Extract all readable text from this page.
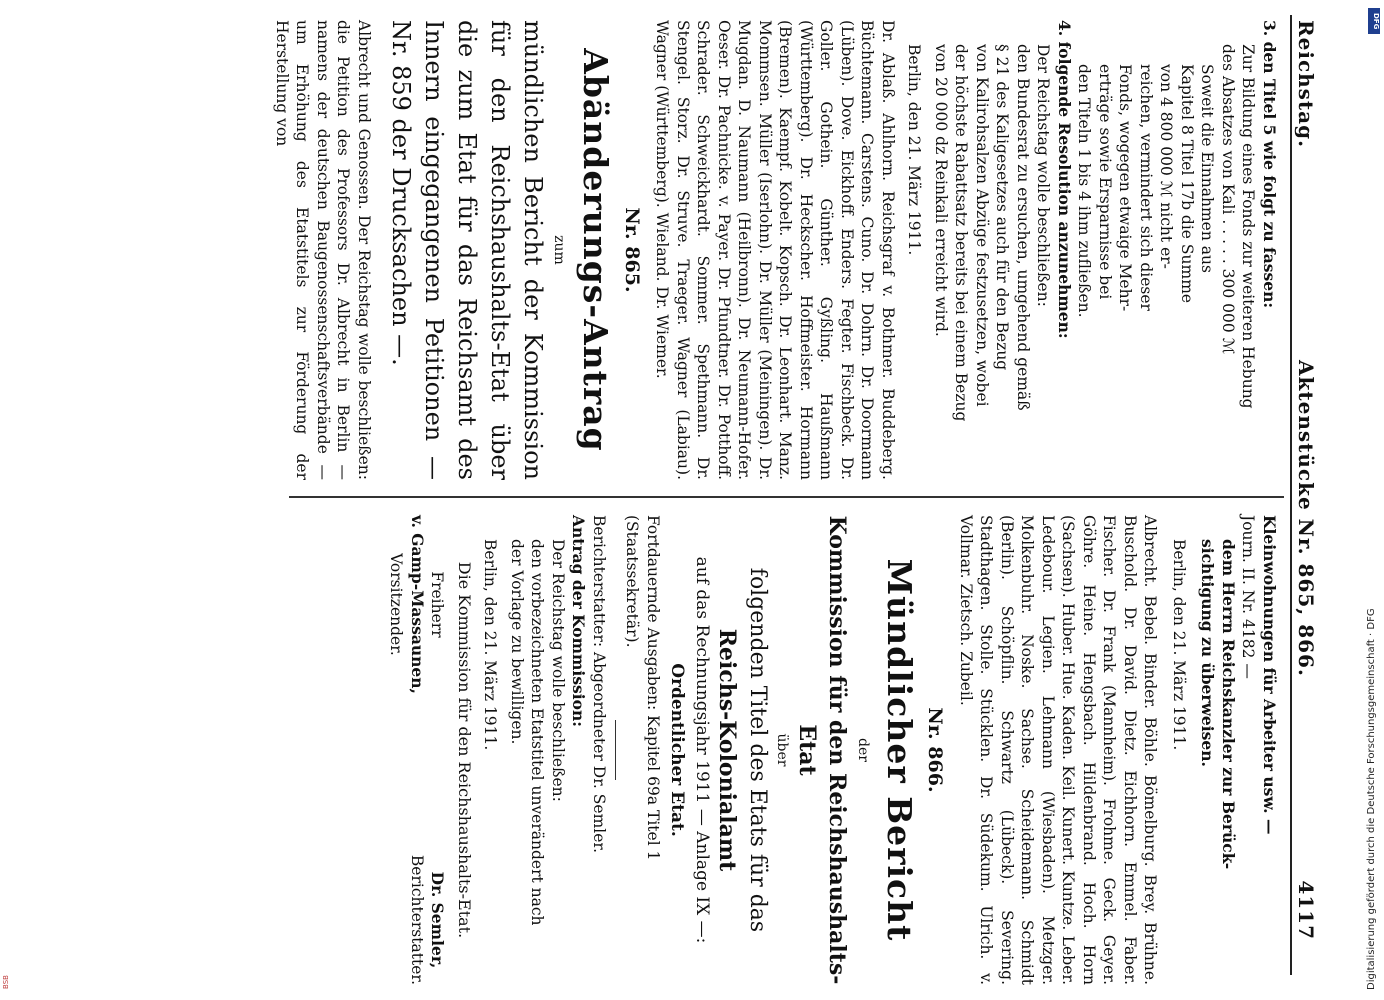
Reichstag.
Aktenstücke Nr. 865, 866.
4117

3. den Titel 5 wie folgt zu fassen:

Zur Bildung eines Fonds zur weiteren Hebung

des Absatzes von Kali . . . . . 300 000 ℳ

Soweit die Einnahmen aus

Kapitel 8 Titel 17b die Summe

von 4 800 000 ℳ nicht er-

reichen, vermindert sich dieser

Fonds, wogegen etwaige Mehr-

erträge sowie Ersparnisse bei

den Titeln 1 bis 4 ihm zufließen.

4. folgende Resolution anzunehmen:

Der Reichstag wolle beschließen:

den Bundesrat zu ersuchen, umgehend gemäß

§ 21 des Kaligesetzes auch für den Bezug

von Kalirohsalzen Abzüge festzusetzen, wobei

der höchste Rabattsatz bereits bei einem Bezug

von 20 000 dz Reinkali erreicht wird.

Berlin, den 21. März 1911.

Dr. Ablaß. Ahlhorn. Reichsgraf v. Bothmer. Buddeberg. Büchtemann. Carstens. Cuno. Dr. Dohrn. Dr. Doormann (Lüben). Dove. Eickhoff. Enders. Fegter. Fischbeck. Dr. Goller. Gothein. Günther. Gyßling. Haußmann (Württemberg). Dr. Heckscher. Hoffmeister. Hormann (Bremen). Kaempf. Kobelt. Kopsch. Dr. Leonhart. Manz. Mommsen. Müller (Iserlohn). Dr. Müller (Meiningen). Dr. Mugdan. D. Naumann (Heilbronn). Dr. Neumann-Hofer. Oeser. Dr. Pachnicke. v. Payer. Dr. Pfundtner. Dr. Potthoff. Schrader. Schweickhardt. Sommer. Spethmann. Dr. Stengel. Storz. Dr. Struve. Traeger. Wagner (Labiau). Wagner (Württemberg). Wieland. Dr. Wiemer.

Nr. 865.

Abänderungs-Antrag

zum

mündlichen Bericht der Kommission für den Reichshaushalts-Etat über die zum Etat für das Reichsamt des Innern eingegangenen Petitionen — Nr. 859 der Drucksachen —.

Albrecht und Genossen. Der Reichstag wolle beschließen: die Petition des Professors Dr. Albrecht in Berlin — namens der deutschen Baugenossenschaftsverbände — um Erhöhung des Etatstitels zur Förderung der Herstellung von

Kleinwohnungen für Arbeiter usw. —

Journ. II. Nr. 4182 —

dem Herrn Reichskanzler zur Berück-

sichtigung zu überweisen.

Berlin, den 21. März 1911.

Albrecht. Bebel. Binder. Böhle. Bömelburg. Brey. Brühne. Buschold. Dr. David. Dietz. Eichhorn. Emmel. Faber. Fischer. Dr. Frank (Mannheim). Frohme. Geck. Geyer. Göhre. Heine. Hengsbach. Hildenbrand. Hoch. Horn (Sachsen). Huber. Hue. Kaden. Keil. Kunert. Kuntze. Leber. Ledebour. Legien. Lehmann (Wiesbaden). Metzger. Molkenbuhr. Noske. Sachse. Scheidemann. Schmidt (Berlin). Schöpflin. Schwartz (Lübeck). Severing. Stadthagen. Stolle. Stücklen. Dr. Südekum. Ulrich. v. Vollmar. Zietsch. Zubeil.

Nr. 866.

Mündlicher Bericht

der

Kommission für den Reichshaushalts-Etat

über

folgenden Titel des Etats für das

Reichs-Kolonialamt

auf das Rechnungsjahr 1911 — Anlage IX —:

Ordentlicher Etat.

Fortdauernde Ausgaben: Kapitel 69a Titel 1 (Staatssekretär).

Berichterstatter: Abgeordneter Dr. Semler.

Antrag der Kommission:

Der Reichstag wolle beschließen:

den vorbezeichneten Etatstitel unverändert nach

der Vorlage zu bewilligen.

Berlin, den 21. März 1911.

Die Kommission für den Reichshaushalts-Etat.

Freiherr

v. Gamp-Massaunen,

Vorsitzender.

Dr. Semler,

Berichterstatter.

DFG
Digitalisierung gefördert durch die Deutsche Forschungsgemeinschaft · DFG
BSB
